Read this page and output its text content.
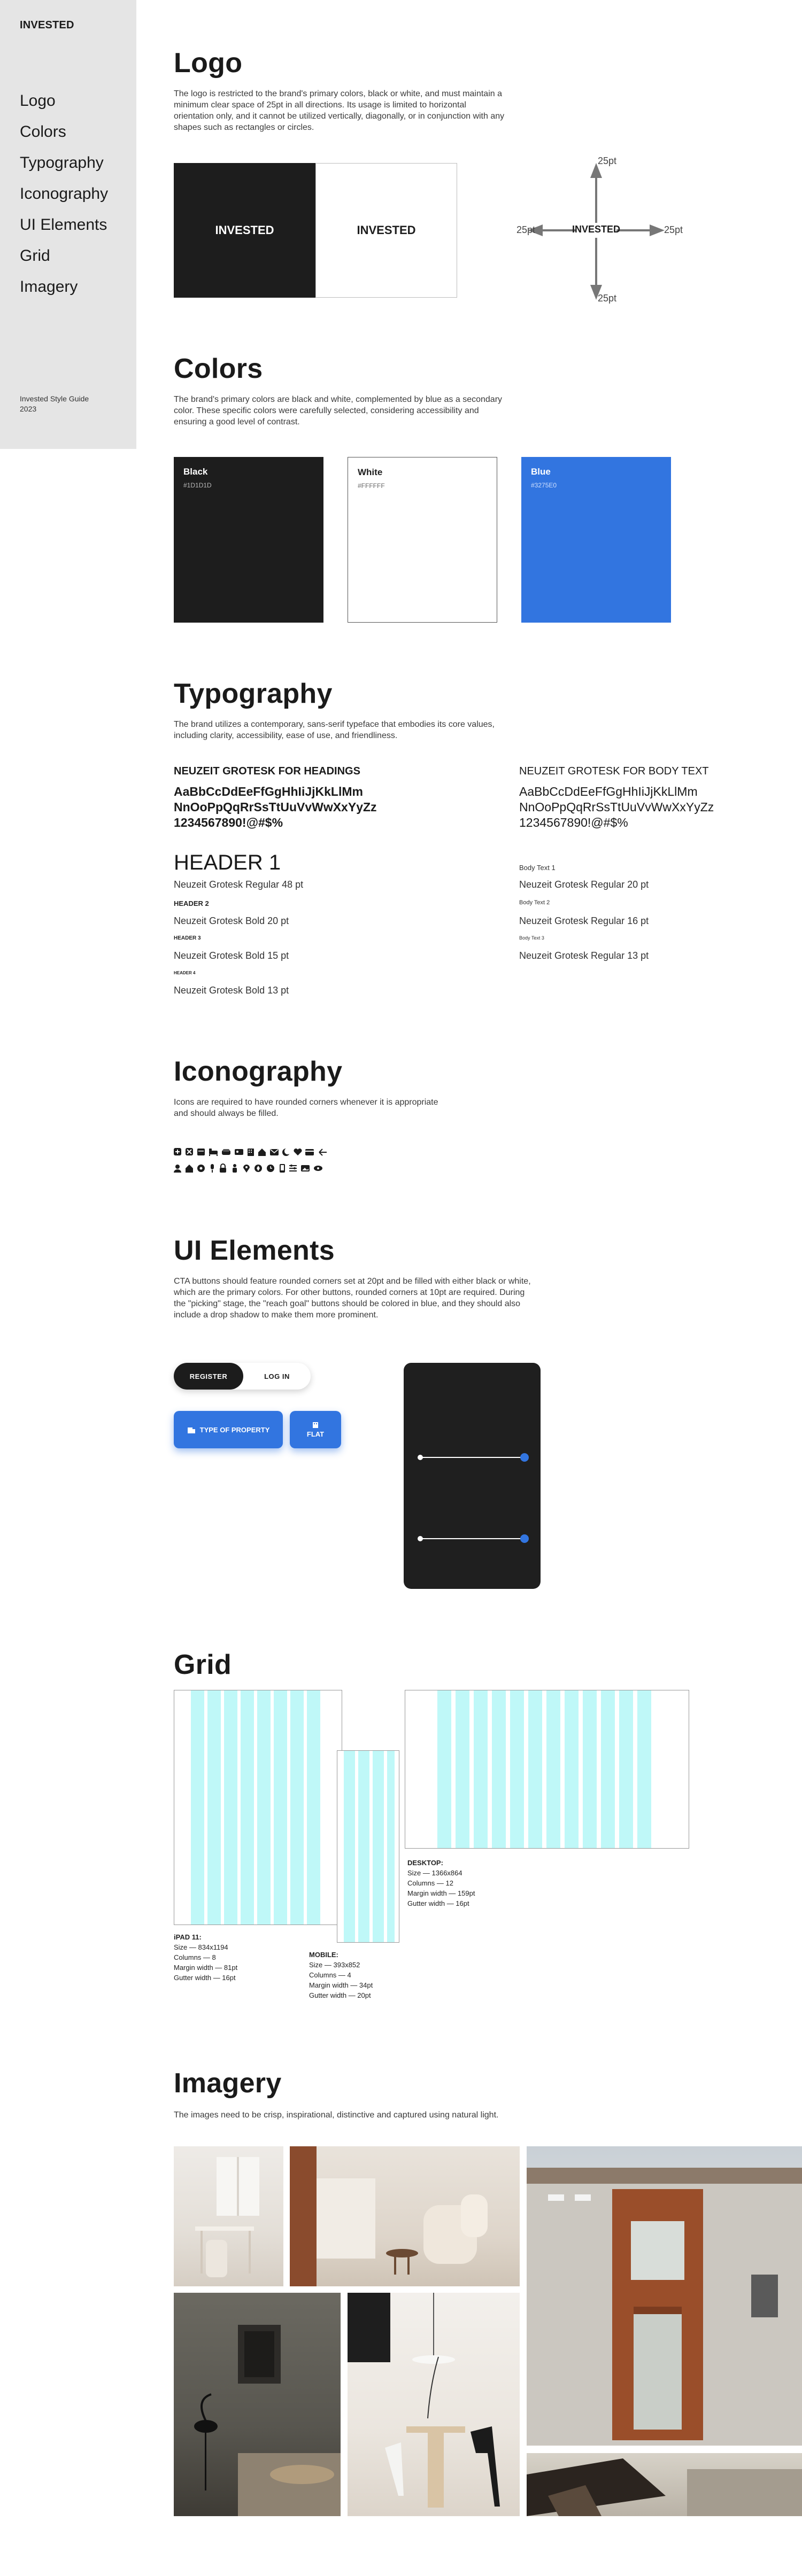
INVESTED
Logo
Colors
Typography
Iconography
UI Elements
Grid
Imagery
Invested Style Guide
2023
Logo
The logo is restricted to the brand's primary colors, black or white, and must maintain a minimum clear space of 25pt in all directions. Its usage is limited to horizontal orientation only, and it cannot be utilized vertically, diagonally, or in conjunction with any shapes such as rectangles or circles.
INVESTED	INVESTED	INVESTED
25pt
25pt	25pt
25pt
Colors
The brand's primary colors are black and white, complemented by blue as a secondary color. These specific colors were carefully selected, considering accessibility and ensuring a good level of contrast.
Black
#1D1D1D
White
#FFFFFF
Blue
#3275E0
Typography
The brand utilizes a contemporary, sans-serif typeface that embodies its core values, including clarity, accessibility, ease of use, and friendliness.
NEUZEIT GROTESK FOR HEADINGS
AaBbCcDdEeFfGgHhIiJjKkLlMm
NnOoPpQqRrSsTtUuVvWwXxYyZz
1234567890!@#$%
NEUZEIT GROTESK FOR BODY TEXT
AaBbCcDdEeFfGgHhIiJjKkLlMm
NnOoPpQqRrSsTtUuVvWwXxYyZz
1234567890!@#$%
HEADER 1
Neuzeit Grotesk Regular 48 pt
HEADER 2
Neuzeit Grotesk Bold 20 pt
HEADER 3
Neuzeit Grotesk Bold 15 pt
HEADER 4
Neuzeit Grotesk Bold 13 pt
Body Text 1
Neuzeit Grotesk Regular 20 pt
Body Text 2
Neuzeit Grotesk Regular 16 pt
Body Text 3
Neuzeit Grotesk Regular 13 pt
Iconography
Icons are required to have rounded corners whenever it is appropriate and should always be filled.
UI Elements
CTA buttons should feature rounded corners set at 20pt and be filled with either black or white, which are the primary colors. For other buttons, rounded corners at 10pt are required. During the "picking" stage, the "reach goal" buttons should be colored in blue, and they should also include a drop shadow to make them more prominent.
REGISTER	LOG IN
TYPE OF PROPERTY
FLAT
Grid
iPAD 11:
Size — 834x1194
Columns — 8
Margin width — 81pt
Gutter width — 16pt
MOBILE:
Size — 393x852
Columns — 4
Margin width — 34pt
Gutter width — 20pt
DESKTOP:
Size — 1366x864
Columns — 12
Margin width — 159pt
Gutter width — 16pt
Imagery
The images need to be crisp, inspirational, distinctive and captured using natural light.
